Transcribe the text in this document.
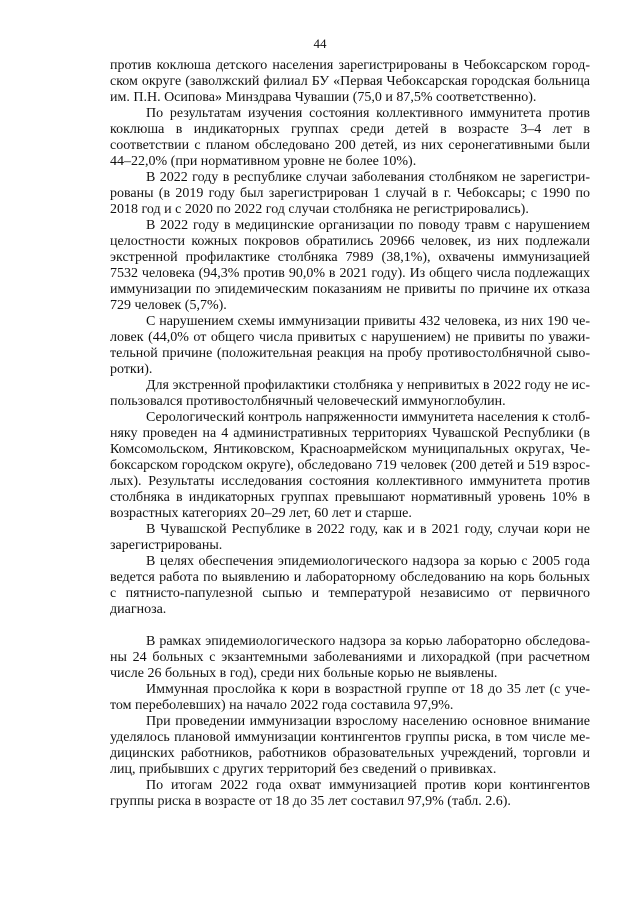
44

против коклюша детского населения зарегистрированы в Чебоксарском городском округе (заволжский филиал БУ «Первая Чебоксарская городская больница им. П.Н. Осипова» Минздрава Чувашии (75,0 и 87,5% соответственно).

По результатам изучения состояния коллективного иммунитета против коклюша в индикаторных группах среди детей в возрасте 3–4 лет в соответствии с планом обследовано 200 детей, из них серонегативными были 44–22,0% (при нормативном уровне не более 10%).

В 2022 году в республике случаи заболевания столбняком не зарегистрированы (в 2019 году был зарегистрирован 1 случай в г. Чебоксары; с 1990 по 2018 год и с 2020 по 2022 год случаи столбняка не регистрировались).

В 2022 году в медицинские организации по поводу травм с нарушением целостности кожных покровов обратились 20966 человек, из них подлежали экстренной профилактике столбняка 7989 (38,1%), охвачены иммунизацией 7532 человека (94,3% против 90,0% в 2021 году). Из общего числа подлежащих иммунизации по эпидемическим показаниям не привиты по причине их отказа 729 человек (5,7%).

С нарушением схемы иммунизации привиты 432 человека, из них 190 человек (44,0% от общего числа привитых с нарушением) не привиты по уважительной причине (положительная реакция на пробу противостолбнячной сыворотки).

Для экстренной профилактики столбняка у непривитых в 2022 году не использовался противостолбнячный человеческий иммуноглобулин.

Серологический контроль напряженности иммунитета населения к столбняку проведен на 4 административных территориях Чувашской Республики (в Комсомольском, Янтиковском, Красноармейском муниципальных округах, Чебоксарском городском округе), обследовано 719 человек (200 детей и 519 взрослых). Результаты исследования состояния коллективного иммунитета против столбняка в индикаторных группах превышают нормативный уровень 10% в возрастных категориях 20–29 лет, 60 лет и старше.

В Чувашской Республике в 2022 году, как и в 2021 году, случаи кори не зарегистрированы.

В целях обеспечения эпидемиологического надзора за корью с 2005 года ведется работа по выявлению и лабораторному обследованию на корь больных с пятнисто-папулезной сыпью и температурой независимо от первичного диагноза.

В рамках эпидемиологического надзора за корью лабораторно обследованы 24 больных с экзантемными заболеваниями и лихорадкой (при расчетном числе 26 больных в год), среди них больные корью не выявлены.

Иммунная прослойка к кори в возрастной группе от 18 до 35 лет (с учетом переболевших) на начало 2022 года составила 97,9%.

При проведении иммунизации взрослому населению основное внимание уделялось плановой иммунизации контингентов группы риска, в том числе медицинских работников, работников образовательных учреждений, торговли и лиц, прибывших с других территорий без сведений о прививках.

По итогам 2022 года охват иммунизацией против кори контингентов группы риска в возрасте от 18 до 35 лет составил 97,9% (табл. 2.6).
